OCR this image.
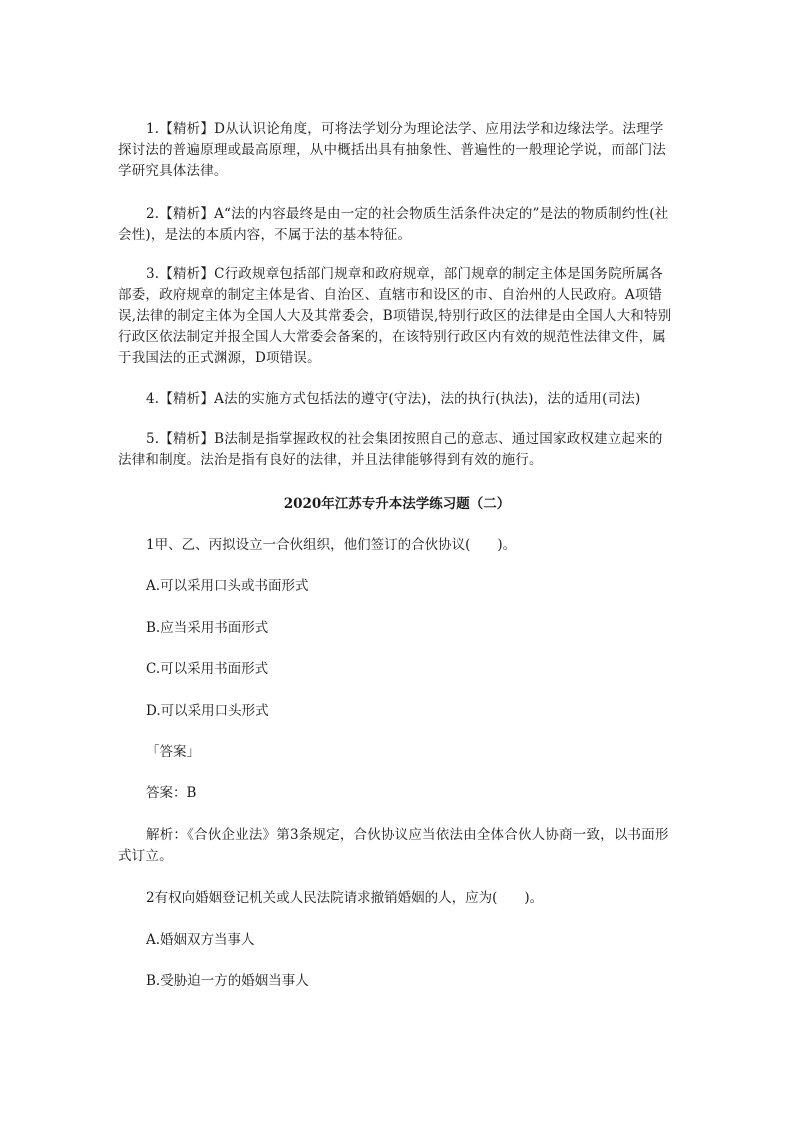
1.【精析】D从认识论角度，可将法学划分为理论法学、应用法学和边缘法学。法理学探讨法的普遍原理或最高原理，从中概括出具有抽象性、普遍性的一般理论学说，而部门法学研究具体法律。

2.【精析】A“法的内容最终是由一定的社会物质生活条件决定的”是法的物质制约性(社会性)，是法的本质内容，不属于法的基本特征。

3.【精析】C行政规章包括部门规章和政府规章，部门规章的制定主体是国务院所属各部委，政府规章的制定主体是省、自治区、直辖市和设区的市、自治州的人民政府。A项错误,法律的制定主体为全国人大及其常委会，B项错误,特别行政区的法律是由全国人大和特别行政区依法制定并报全国人大常委会备案的，在该特别行政区内有效的规范性法律文件，属于我国法的正式渊源，D项错误。

4.【精析】A法的实施方式包括法的遵守(守法)，法的执行(执法)，法的适用(司法)

5.【精析】B法制是指掌握政权的社会集团按照自己的意志、通过国家政权建立起来的法律和制度。法治是指有良好的法律，并且法律能够得到有效的施行。

2020年江苏专升本法学练习题（二）

1甲、乙、丙拟设立一合伙组织，他们签订的合伙协议(　　)。

A.可以采用口头或书面形式

B.应当采用书面形式

C.可以采用书面形式

D.可以采用口头形式

「答案」

答案：B

解析：《合伙企业法》第3条规定，合伙协议应当依法由全体合伙人协商一致，以书面形式订立。

2有权向婚姻登记机关或人民法院请求撤销婚姻的人，应为(　　)。

A.婚姻双方当事人

B.受胁迫一方的婚姻当事人
